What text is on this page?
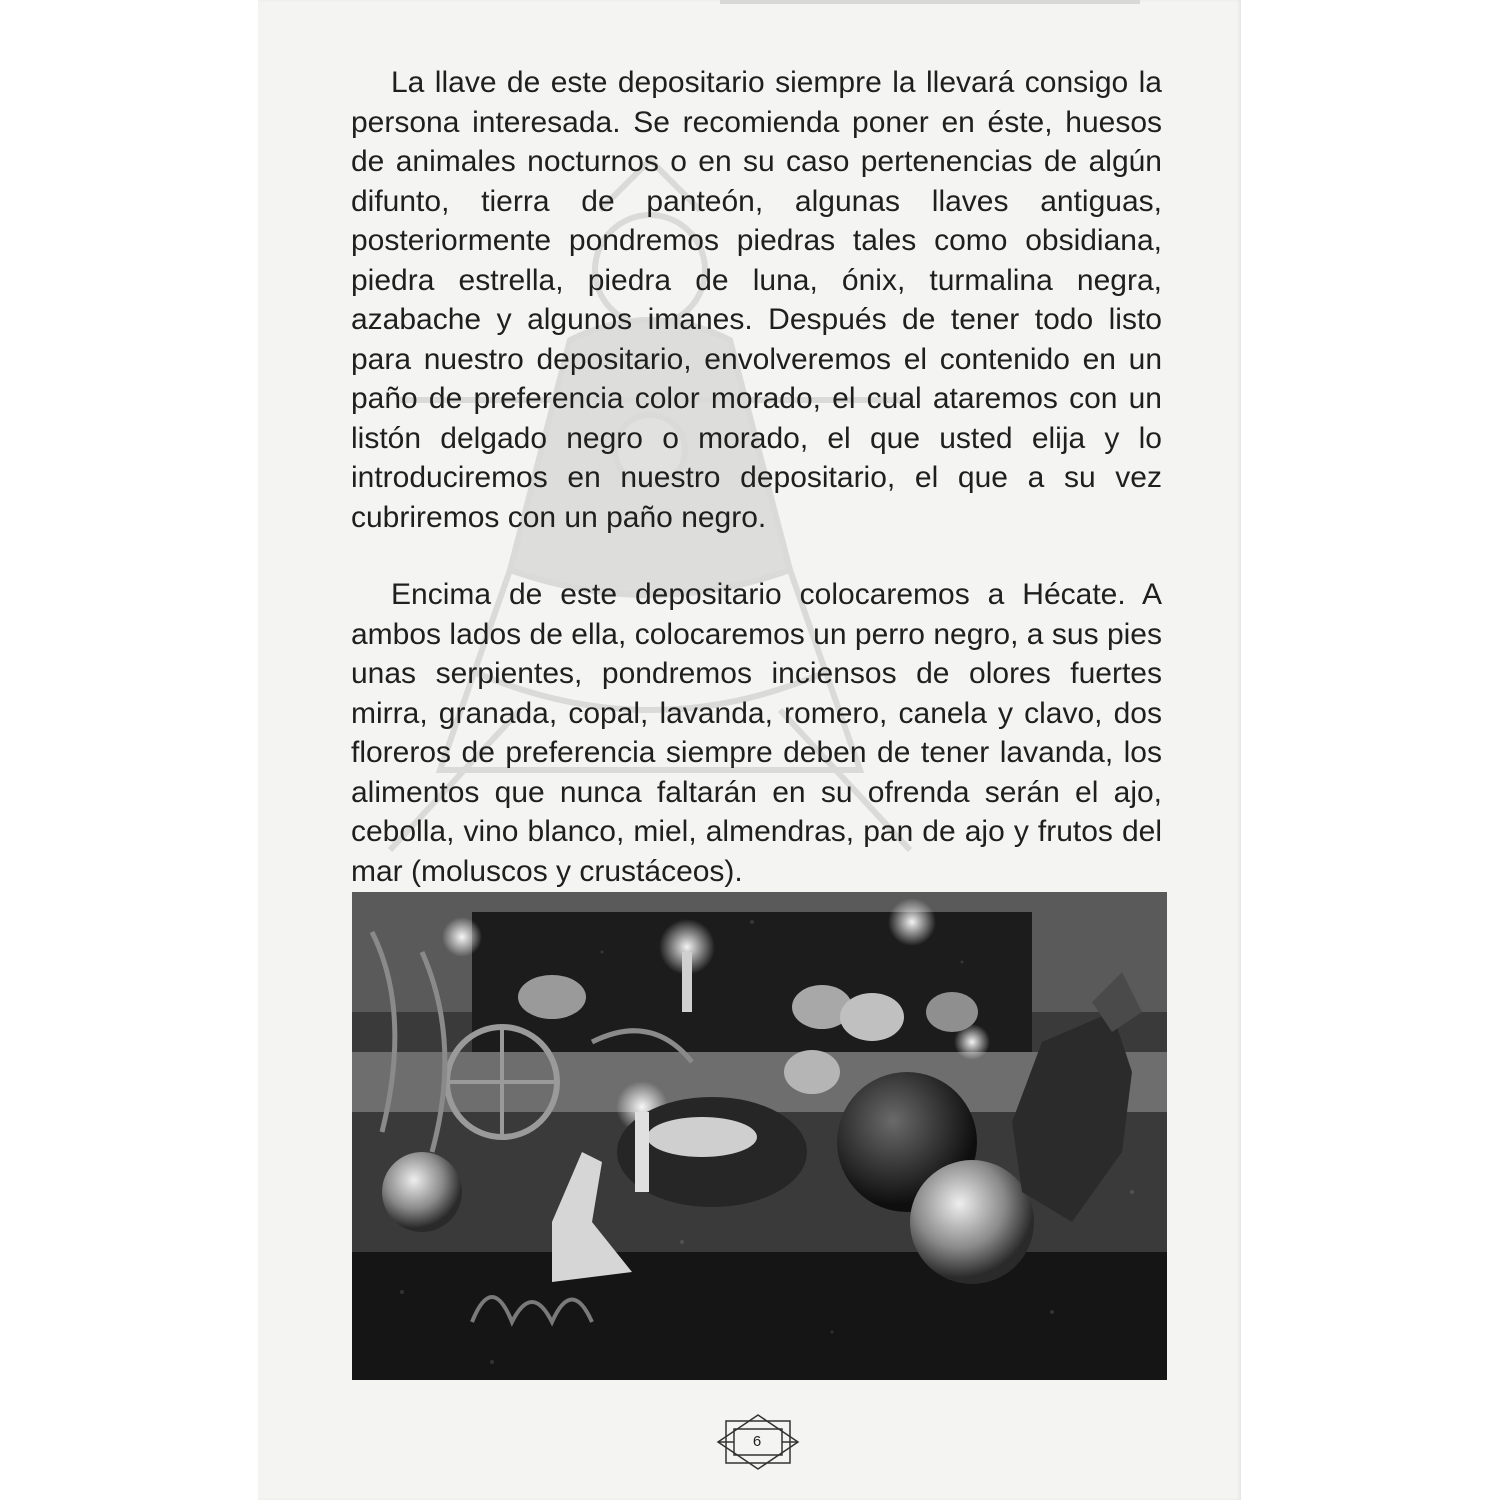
La llave de este depositario siempre la llevará consigo la persona interesada. Se recomienda poner en éste, huesos de animales nocturnos o en su caso pertenencias de algún difunto, tierra de panteón, algunas llaves antiguas, posteriormente pondremos piedras tales como obsidiana, piedra estrella, piedra de luna, ónix, turmalina negra, azabache y algunos imanes. Después de tener todo listo para nuestro depositario, envolveremos el contenido en un paño de preferencia color morado, el cual ataremos con un listón delgado negro o morado, el que usted elija y lo introduciremos en nuestro depositario, el que a su vez cubriremos con un paño negro.

Encima de este depositario colocaremos a Hécate. A ambos lados de ella, colocaremos un perro negro, a sus pies unas serpientes, pondremos inciensos de olores fuertes mirra, granada, copal, lavanda, romero, canela y clavo, dos floreros de preferencia siempre deben de tener lavanda, los alimentos que nunca faltarán en su ofrenda serán el ajo, cebolla, vino blanco, miel, almendras, pan de ajo y frutos del mar (moluscos y crustáceos).

6
